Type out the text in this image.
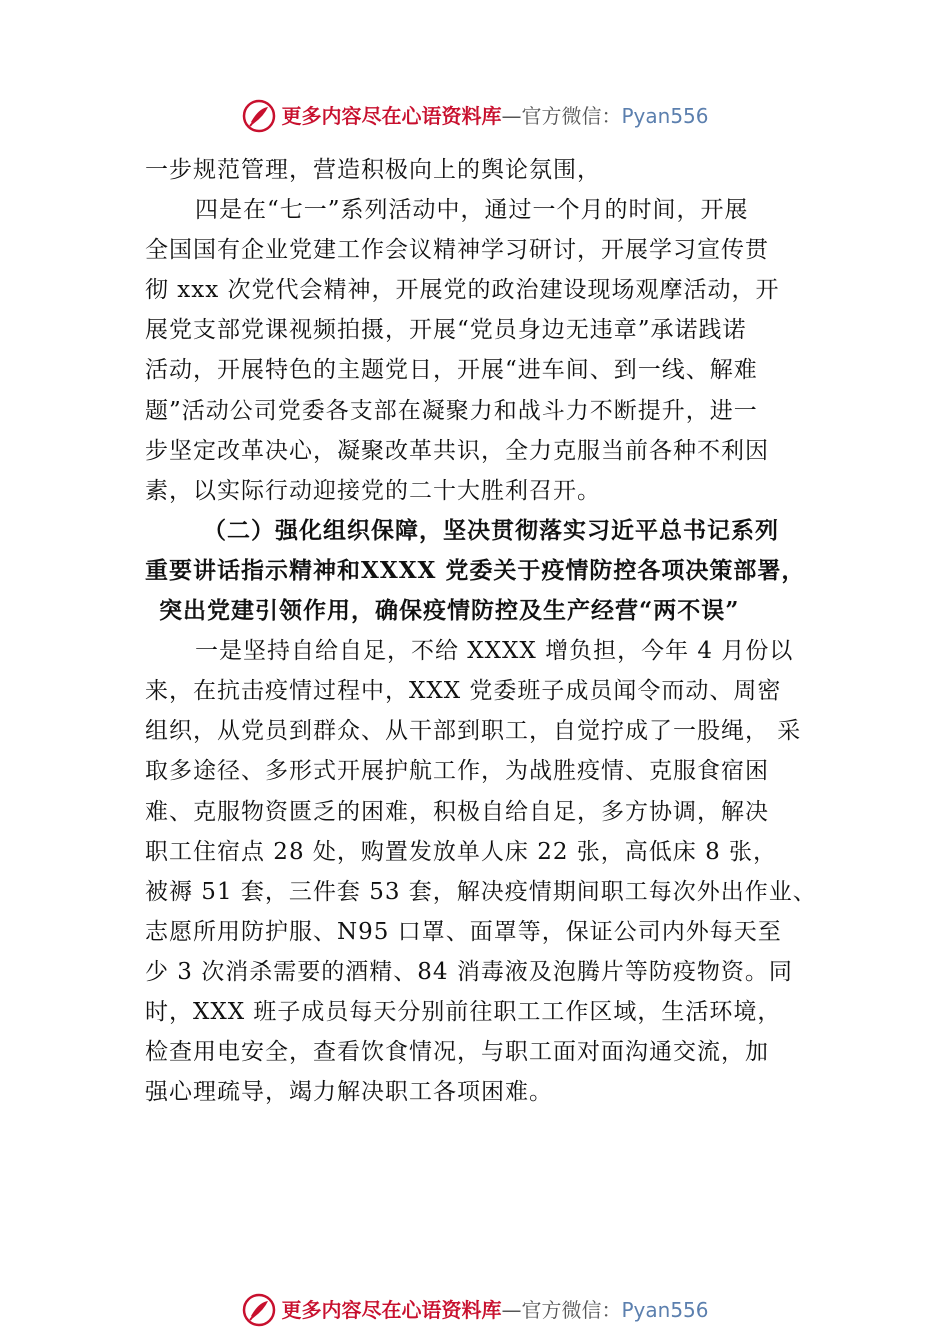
更多内容尽在心语资料库—官方微信：Pyan556
一步规范管理，营造积极向上的舆论氛围，
四是在“七一”系列活动中，通过一个月的时间，开展
全国国有企业党建工作会议精神学习研讨，开展学习宣传贯
彻 xxx 次党代会精神，开展党的政治建设现场观摩活动，开
展党支部党课视频拍摄，开展“党员身边无违章”承诺践诺
活动，开展特色的主题党日，开展“进车间、到一线、解难
题”活动公司党委各支部在凝聚力和战斗力不断提升，进一
步坚定改革决心，凝聚改革共识，全力克服当前各种不利因
素，以实际行动迎接党的二十大胜利召开。
（二）强化组织保障，坚决贯彻落实习近平总书记系列
重要讲话指示精神和XXXX 党委关于疫情防控各项决策部署，
突出党建引领作用，确保疫情防控及生产经营“两不误”
一是坚持自给自足，不给 XXXX 增负担，今年 4 月份以
来，在抗击疫情过程中，XXX 党委班子成员闻令而动、周密
组织，从党员到群众、从干部到职工，自觉拧成了一股绳， 采
取多途径、多形式开展护航工作，为战胜疫情、克服食宿困
难、克服物资匮乏的困难，积极自给自足，多方协调，解决
职工住宿点 28 处，购置发放单人床 22 张，高低床 8 张，
被褥 51 套，三件套 53 套，解决疫情期间职工每次外出作业、
志愿所用防护服、N95 口罩、面罩等，保证公司内外每天至
少 3 次消杀需要的酒精、84 消毒液及泡腾片等防疫物资。同
时，XXX 班子成员每天分别前往职工工作区域，生活环境，
检查用电安全，查看饮食情况，与职工面对面沟通交流，加
强心理疏导，竭力解决职工各项困难。
更多内容尽在心语资料库—官方微信：Pyan556
